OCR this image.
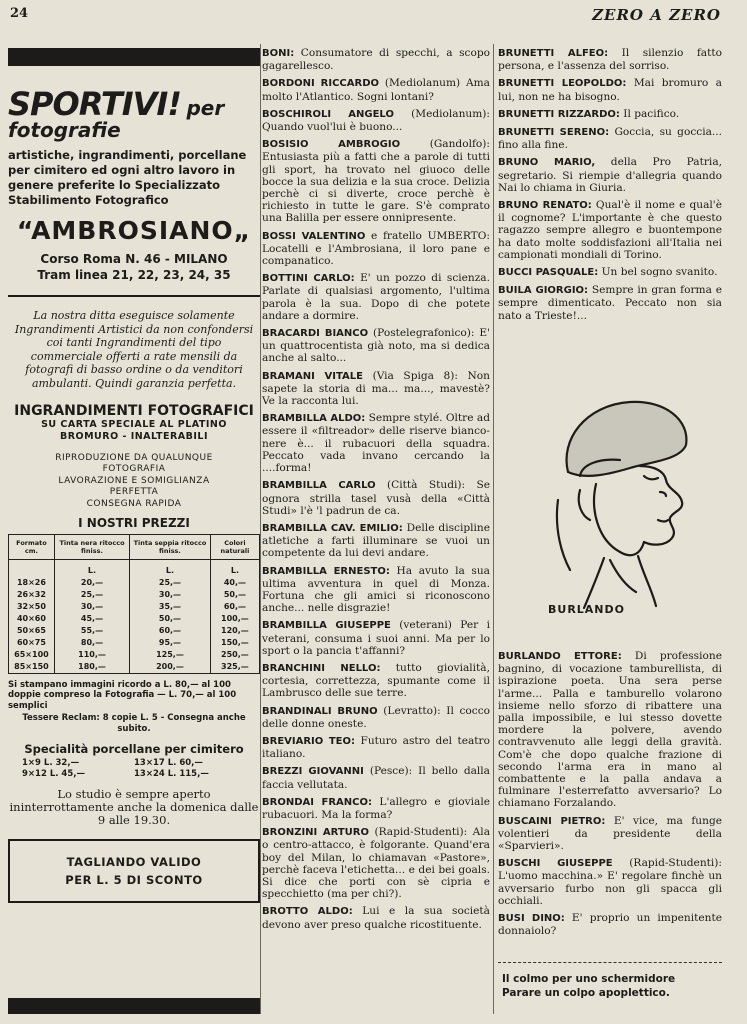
24	ZERO A ZERO
SPORTIVI! per fotografie
artistiche, ingrandimenti, porcellane per cimitero ed ogni altro lavoro in genere preferite lo Specializzato Stabilimento Fotografico
“AMBROSIANO„
Corso Roma N. 46 - MILANO
Tram linea 21, 22, 23, 24, 35
La nostra ditta eseguisce solamente Ingrandimenti Artistici da non confondersi coi tanti Ingrandimenti del tipo commerciale offerti a rate mensili da fotografi di basso ordine o da venditori ambulanti. Quindi garanzia perfetta.
INGRANDIMENTI FOTOGRAFICI
SU CARTA SPECIALE AL PLATINO
BROMURO - INALTERABILI
RIPRODUZIONE DA QUALUNQUE
FOTOGRAFIA
LAVORAZIONE E SOMIGLIANZA
PERFETTA
CONSEGNA RAPIDA
I NOSTRI PREZZI
Formato cm.	Tinta nera ritocco finiss.	Tinta seppia ritocco finiss.	Colori naturali
	L.	L.	L.
18×26	20,—	25,—	40,—
26×32	25,—	30,—	50,—
32×50	30,—	35,—	60,—
40×60	45,—	50,—	100,—
50×65	55,—	60,—	120,—
60×75	80,—	95,—	150,—
65×100	110,—	125,—	250,—
85×150	180,—	200,—	325,—
Si stampano immagini ricordo a L. 80,— al 100 doppie compreso la Fotografia — L. 70,— al 100 semplici
Tessere Reclam: 8 copie L. 5 - Consegna anche subito.
Specialità porcellane per cimitero
1×9 L. 32,—	13×17 L. 60,—
9×12 L. 45,—	13×24 L. 115,—
Lo studio è sempre aperto ininterrottamente anche la domenica dalle 9 alle 19.30.
TAGLIANDO VALIDO
PER L. 5 DI SCONTO
BONI: Consumatore di specchi, a scopo gagarellesco.
BORDONI RICCARDO (Mediolanum) Ama molto l'Atlantico. Sogni lontani?
BOSCHIROLI ANGELO (Mediolanum): Quando vuol'lui è buono...
BOSISIO AMBROGIO	(Gandolfo): Entusiasta più a fatti che a parole di tutti gli sport, ha trovato nel giuoco delle bocce la sua delizia e la sua croce. Delizia perchè ci si diverte, croce perchè è richiesto in tutte le gare. S'è comprato una Balilla per essere onnipresente.
BOSSI VALENTINO e fratello UMBERTO: Locatelli e l'Ambrosiana, il loro pane e companatico.
BOTTINI CARLO: E' un pozzo di scienza. Parlate di qualsiasi argomento, l'ultima parola è la sua. Dopo di che potete andare a dormire.
BRACARDI BIANCO (Postelegrafonico): E' un quattrocentista già noto, ma si dedica anche al salto...
BRAMANI VITALE (Via Spiga 8): Non sapete la storia di ma... ma..., mavestè? Ve la racconta lui.
BRAMBILLA ALDO: Sempre stylé. Oltre ad essere il «filtreador» delle riserve bianco-nere è... il rubacuori della squadra. Peccato vada invano cercando la ....forma!
BRAMBILLA CARLO (Città Studi): Se ognora strilla tasel vusà della «Città Studi» l'è 'l padrun de ca.
BRAMBILLA CAV. EMILIO: Delle discipline atletiche a farti illuminare se vuoi un competente da lui devi andare.
BRAMBILLA ERNESTO: Ha avuto la sua ultima avventura in quel di Monza. Fortuna che gli amici si riconoscono anche... nelle disgrazie!
BRAMBILLA GIUSEPPE (veterani) Per i veterani, consuma i suoi anni. Ma per lo sport o la pancia t'affanni?
BRANCHINI NELLO: tutto giovialità, cortesia, correttezza, spumante come il Lambrusco delle sue terre.
BRANDINALI BRUNO (Levratto): Il cocco delle donne oneste.
BREVIARIO TEO: Futuro astro del teatro italiano.
BREZZI GIOVANNI (Pesce): Il bello dalla faccia vellutata.
BRONDAI FRANCO: L'allegro e gioviale rubacuori. Ma la forma?
BRONZINI ARTURO (Rapid-Studenti): Ala o centro-attacco, è folgorante. Quand'era boy del Milan, lo chiamavan «Pastore», perchè faceva l'etichetta... e dei bei goals. Si dice che porti con sè cipria e specchietto (ma per chi?).
BROTTO ALDO: Lui e la sua società devono aver preso qualche ricostituente.
BRUNETTI ALFEO: Il silenzio fatto persona, e l'assenza del sorriso.
BRUNETTI LEOPOLDO: Mai bromuro a lui, non ne ha bisogno.
BRUNETTI RIZZARDO: Il pacifico.
BRUNETTI SERENO: Goccia, su goccia... fino alla fine.
BRUNO MARIO, della Pro Patria, segretario. Si riempie d'allegria quando Nai lo chiama in Giuria.
BRUNO RENATO: Qual'è il nome e qual'è il cognome? L'importante è che questo ragazzo sempre allegro e buontempone ha dato molte soddisfazioni all'Italia nei campionati mondiali di Torino.
BUCCI PASQUALE: Un bel sogno svanito.
BUILA GIORGIO: Sempre in gran forma e sempre dimenticato. Peccato non sia nato a Trieste!...
BURLANDO
BURLANDO ETTORE: Di professione bagnino, di vocazione tamburellista, di ispirazione poeta. Una sera perse l'arme... Palla e tamburello volarono insieme nello sforzo di ribattere una palla impossibile, e lui stesso dovette mordere la polvere, avendo contravvenuto alle leggi della gravità. Com'è che dopo qualche frazione di secondo l'arma era in mano al combattente e la palla andava a fulminare l'esterrefatto avversario? Lo chiamano Forzalando.
BUSCAINI PIETRO: E' vice, ma funge volentieri da presidente della «Sparvieri».
BUSCHI GIUSEPPE (Rapid-Studenti): L'uomo macchina.» E' regolare finchè un avversario furbo non gli spacca gli occhiali.
BUSI DINO: E' proprio un impenitente donnaiolo?
Il colmo per uno schermidore
Parare un colpo apoplettico.
